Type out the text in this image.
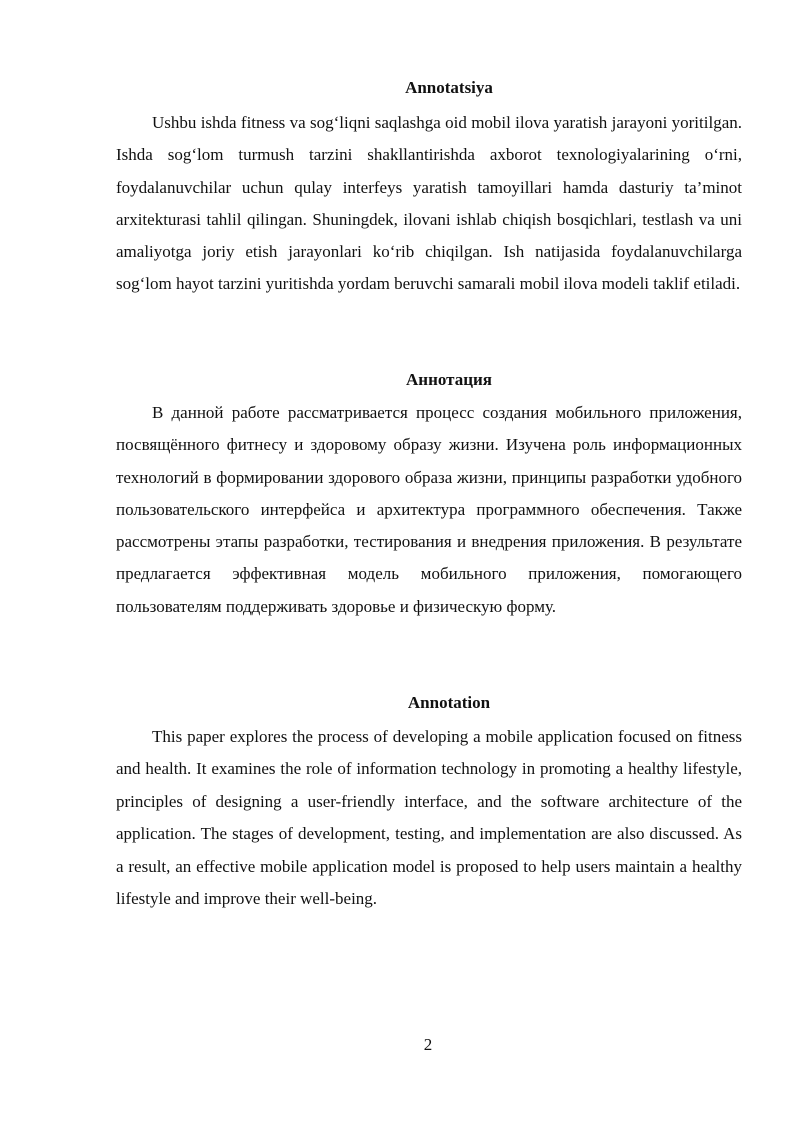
Annotatsiya

Ushbu ishda fitness va sog‘liqni saqlashga oid mobil ilova yaratish jarayoni yoritilgan. Ishda sog‘lom turmush tarzini shakllantirishda axborot texnologiyalarining o‘rni, foydalanuvchilar uchun qulay interfeys yaratish tamoyillari hamda dasturiy ta’minot arxitekturasi tahlil qilingan. Shuningdek, ilovani ishlab chiqish bosqichlari, testlash va uni amaliyotga joriy etish jarayonlari ko‘rib chiqilgan. Ish natijasida foydalanuvchilarga sog‘lom hayot tarzini yuritishda yordam beruvchi samarali mobil ilova modeli taklif etiladi.

Аннотация

В данной работе рассматривается процесс создания мобильного приложения, посвящённого фитнесу и здоровому образу жизни. Изучена роль информационных технологий в формировании здорового образа жизни, принципы разработки удобного пользовательского интерфейса и архитектура программного обеспечения. Также рассмотрены этапы разработки, тестирования и внедрения приложения. В результате предлагается эффективная модель мобильного приложения, помогающего пользователям поддерживать здоровье и физическую форму.

Annotation

This paper explores the process of developing a mobile application focused on fitness and health. It examines the role of information technology in promoting a healthy lifestyle, principles of designing a user-friendly interface, and the software architecture of the application. The stages of development, testing, and implementation are also discussed. As a result, an effective mobile application model is proposed to help users maintain a healthy lifestyle and improve their well-being.

2
